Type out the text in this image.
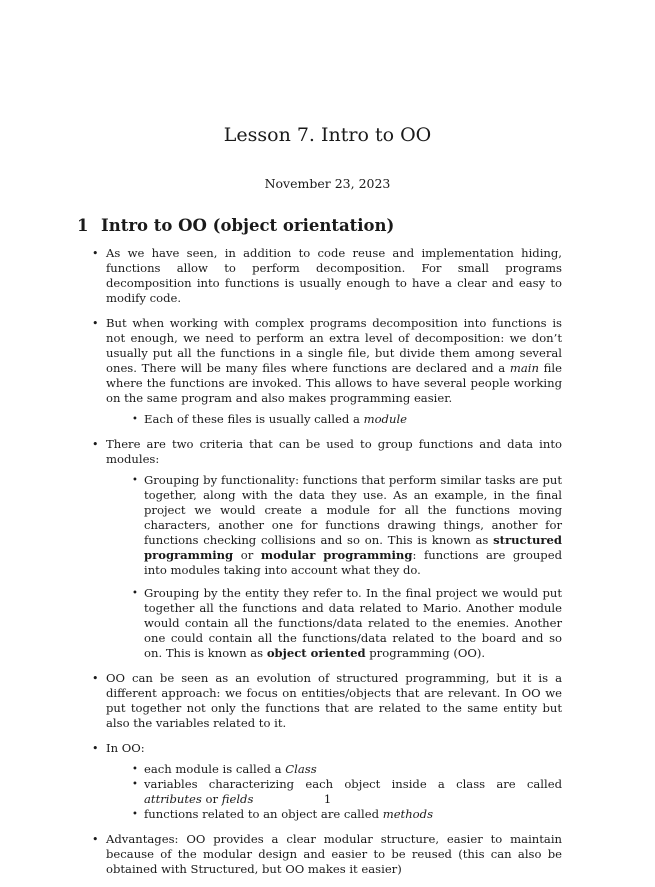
Lesson 7. Intro to OO
November 23, 2023
1 Intro to OO (object orientation)
• As we have seen, in addition to code reuse and implementation hiding, functions allow to perform decomposition. For small programs decomposition into functions is usually enough to have a clear and easy to modify code.
• But when working with complex programs decomposition into functions is not enough, we need to perform an extra level of decomposition: we don’t usually put all the functions in a single file, but divide them among several ones. There will be many files where functions are declared and a main file where the functions are invoked. This allows to have several people working on the same program and also makes programming easier.
• Each of these files is usually called a module
• There are two criteria that can be used to group functions and data into modules:
• Grouping by functionality: functions that perform similar tasks are put together, along with the data they use. As an example, in the final project we would create a module for all the functions moving characters, another one for functions drawing things, another for functions checking collisions and so on. This is known as structured programming or modular programming: functions are grouped into modules taking into account what they do.
• Grouping by the entity they refer to. In the final project we would put together all the functions and data related to Mario. Another module would contain all the functions/data related to the enemies. Another one could contain all the functions/data related to the board and so on. This is known as object oriented programming (OO).
• OO can be seen as an evolution of structured programming, but it is a different approach: we focus on entities/objects that are relevant. In OO we put together not only the functions that are related to the same entity but also the variables related to it.
• In OO:
• each module is called a Class
• variables characterizing each object inside a class are called attributes or fields
• functions related to an object are called methods
• Advantages: OO provides a clear modular structure, easier to maintain because of the modular design and easier to be reused (this can also be obtained with Structured, but OO makes it easier)
1
